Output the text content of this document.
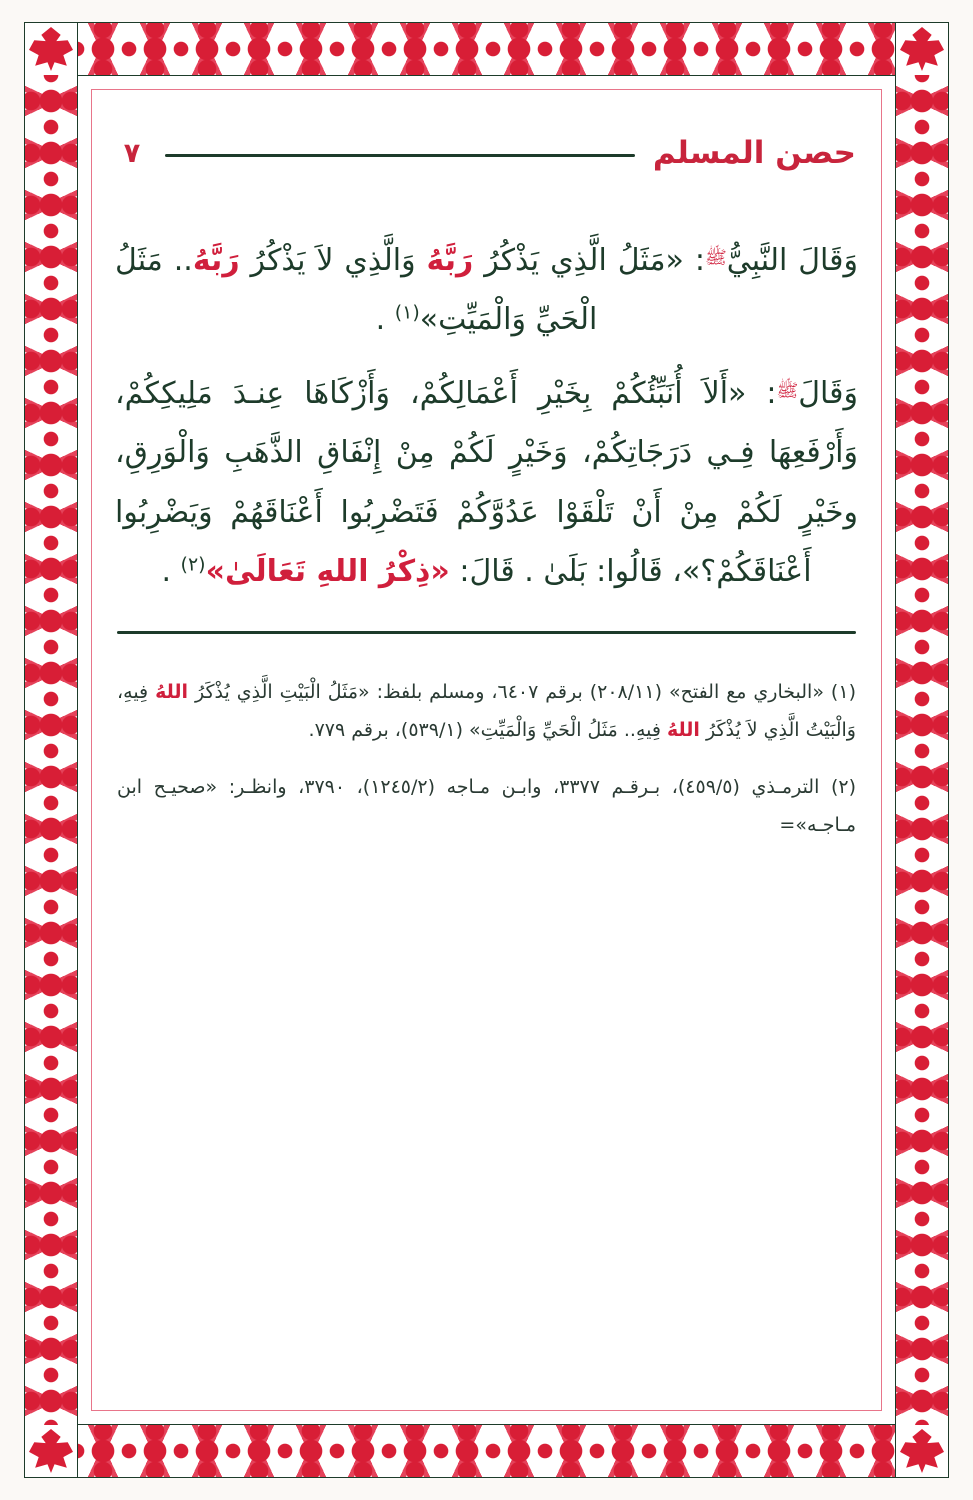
حصن المسلم
٧

وَقَالَ النَّبِيُّ$^ﷺ$: «مَثَلُ الَّذِي يَذْكُرُ رَبَّهُ وَالَّذِي لاَ يَذْكُرُ رَبَّهُ.. مَثَلُ الْحَيِّ وَالْمَيِّتِ»$^{(١)}$ .

وَقَالَ$^ﷺ$: «أَلاَ أُنَبِّئُكُمْ بِخَيْرِ أَعْمَالِكُمْ، وَأَزْكَاهَا عِنـدَ مَلِيكِكُمْ، وَأَرْفَعِهَا فِـي دَرَجَاتِكُمْ، وَخَيْرٍ لَكُمْ مِنْ إِنْفَاقِ الذَّهَبِ وَالْوَرِقِ، وخَيْرٍ لَكُمْ مِنْ أَنْ تَلْقَوْا عَدُوَّكُمْ فَتَضْرِبُوا أَعْنَاقَهُمْ وَيَضْرِبُوا أَعْنَاقَكُمْ؟»، قَالُوا: بَلَىٰ . قَالَ: «ذِكْرُ اللهِ تَعَالَىٰ»$^{(٢)}$ .

(١) «البخاري مع الفتح» (٢٠٨/١١) برقم ٦٤٠٧، ومسلم بلفظ: «مَثَلُ الْبَيْتِ الَّذِي يُذْكَرُ اللهُ فِيهِ، وَالْبَيْتُ الَّذِي لاَ يُذْكَرُ اللهُ فِيهِ.. مَثَلُ الْحَيِّ وَالْمَيِّتِ» (٥٣٩/١)، برقم ٧٧٩.

(٢) الترمـذي (٤٥٩/٥)، بـرقـم ٣٣٧٧، وابـن مـاجه (١٢٤٥/٢)، ٣٧٩٠، وانظـر: «صحيـح ابن مـاجـه»=
